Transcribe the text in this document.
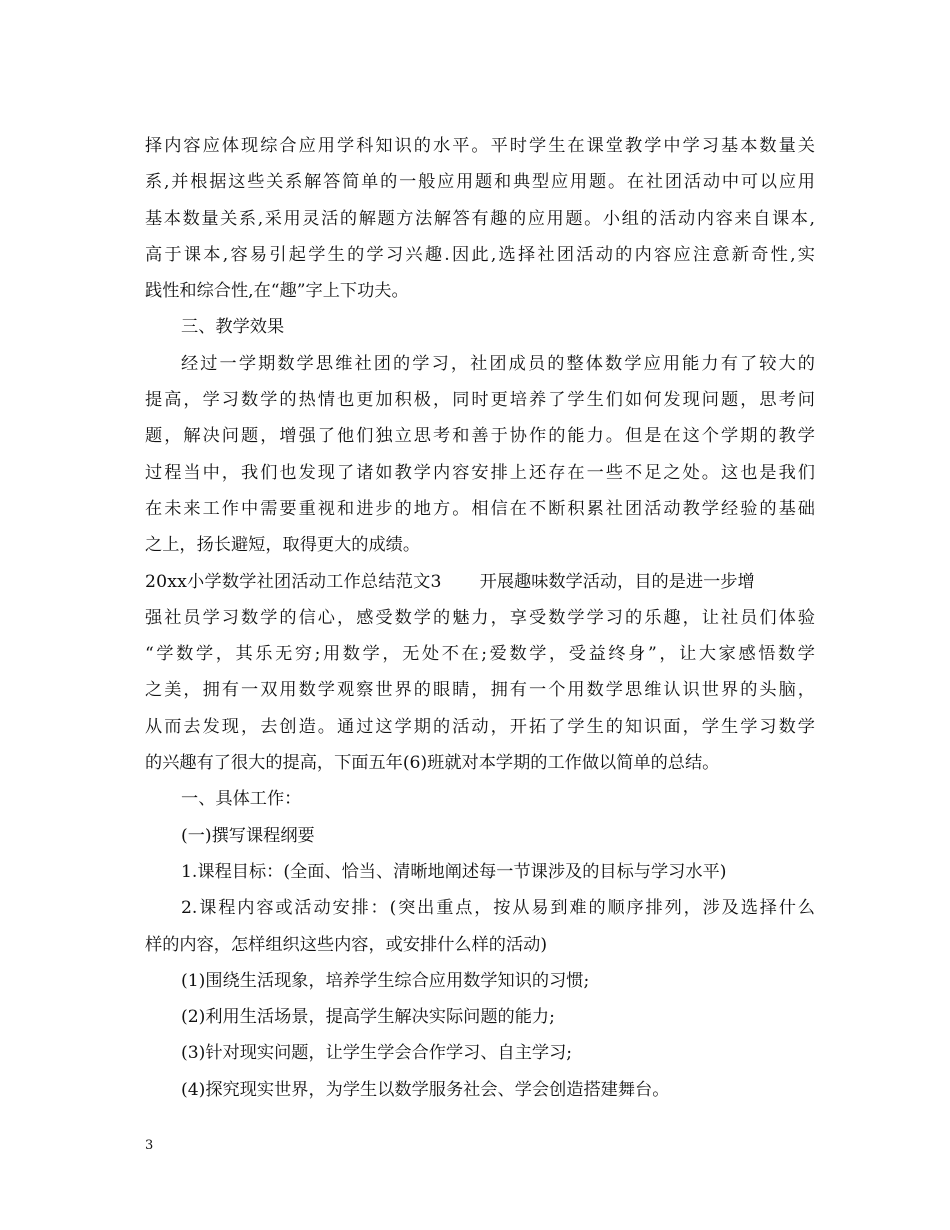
择内容应体现综合应用学科知识的水平。平时学生在课堂教学中学习基本数量关
系,并根据这些关系解答简单的一般应用题和典型应用题。在社团活动中可以应用
基本数量关系,采用灵活的解题方法解答有趣的应用题。小组的活动内容来自课本,
高于课本,容易引起学生的学习兴趣.因此,选择社团活动的内容应注意新奇性,实
践性和综合性,在“趣”字上下功夫。
三、教学效果
经过一学期数学思维社团的学习，社团成员的整体数学应用能力有了较大的
提高，学习数学的热情也更加积极，同时更培养了学生们如何发现问题，思考问
题，解决问题，增强了他们独立思考和善于协作的能力。但是在这个学期的教学
过程当中，我们也发现了诸如教学内容安排上还存在一些不足之处。这也是我们
在未来工作中需要重视和进步的地方。相信在不断积累社团活动教学经验的基础
之上，扬长避短，取得更大的成绩。
20xx小学数学社团活动工作总结范文3 开展趣味数学活动，目的是进一步增
强社员学习数学的信心，感受数学的魅力，享受数学学习的乐趣，让社员们体验
“学数学，其乐无穷;用数学，无处不在;爱数学，受益终身”，让大家感悟数学
之美，拥有一双用数学观察世界的眼睛，拥有一个用数学思维认识世界的头脑，
从而去发现，去创造。通过这学期的活动，开拓了学生的知识面，学生学习数学
的兴趣有了很大的提高，下面五年(6)班就对本学期的工作做以简单的总结。
一、具体工作：
(一)撰写课程纲要
1.课程目标：(全面、恰当、清晰地阐述每一节课涉及的目标与学习水平)
2.课程内容或活动安排：(突出重点，按从易到难的顺序排列，涉及选择什么
样的内容，怎样组织这些内容，或安排什么样的活动)
(1)围绕生活现象，培养学生综合应用数学知识的习惯;
(2)利用生活场景，提高学生解决实际问题的能力;
(3)针对现实问题，让学生学会合作学习、自主学习;
(4)探究现实世界，为学生以数学服务社会、学会创造搭建舞台。
3
